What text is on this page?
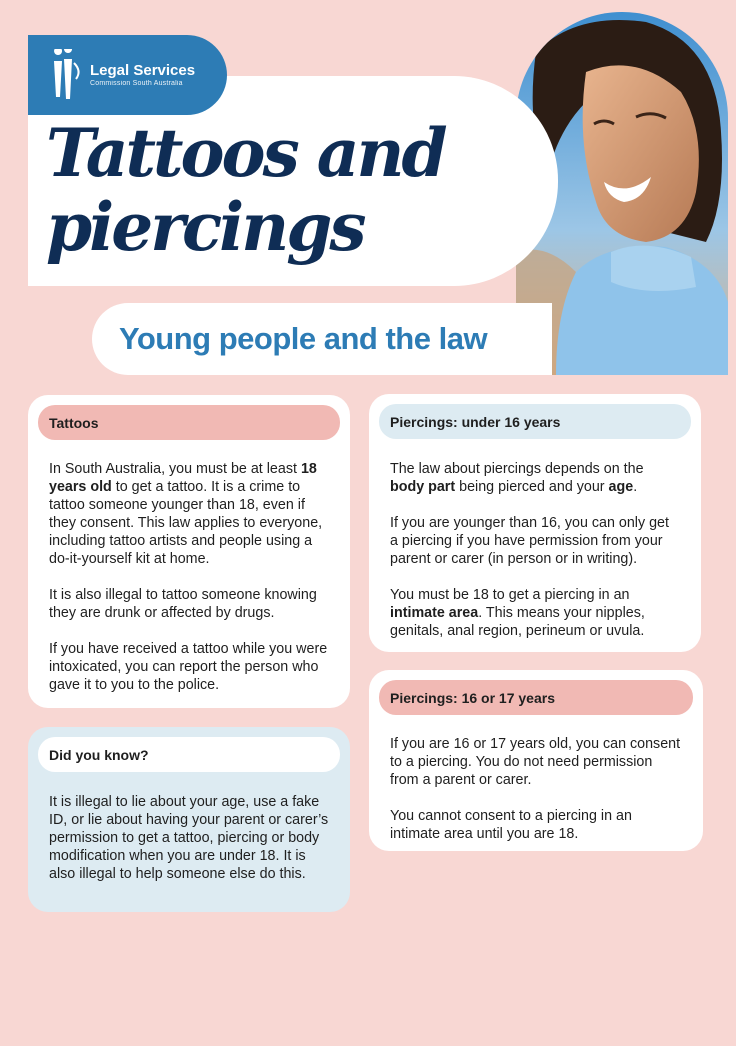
Legal Services
Commission South Australia
Tattoos and
piercings
Young people and the law
Tattoos

In South Australia, you must be at least 18 years old to get a tattoo. It is a crime to tattoo someone younger than 18, even if they consent. This law applies to everyone, including tattoo artists and people using a do-it-yourself kit at home.

It is also illegal to tattoo someone knowing they are drunk or affected by drugs.

If you have received a tattoo while you were intoxicated, you can report the person who gave it to you to the police.

Did you know?

It is illegal to lie about your age, use a fake ID, or lie about having your parent or carer’s permission to get a tattoo, piercing or body modification when you are under 18. It is also illegal to help someone else do this.

Piercings: under 16 years

The law about piercings depends on the body part being pierced and your age.

If you are younger than 16, you can only get a piercing if you have permission from your parent or carer (in person or in writing).

You must be 18 to get a piercing in an intimate area. This means your nipples, genitals, anal region, perineum or uvula.

Piercings: 16 or 17 years

If you are 16 or 17 years old, you can consent to a piercing. You do not need permission from a parent or carer.

You cannot consent to a piercing in an intimate area until you are 18.
